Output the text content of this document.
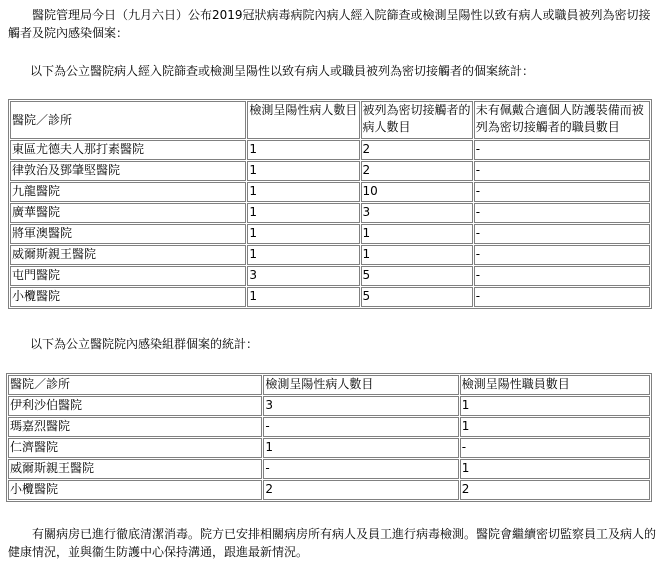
醫院管理局今日（九月六日）公布2019冠狀病毒病院內病人經入院篩查或檢測呈陽性以致有病人或職員被列為密切接觸者及院內感染個案：

以下為公立醫院病人經入院篩查或檢測呈陽性以致有病人或職員被列為密切接觸者的個案統計：

醫院／診所	檢測呈陽性病人數目	被列為密切接觸者的病人數目	未有佩戴合適個人防護裝備而被列為密切接觸者的職員數目
東區尤德夫人那打素醫院	1	2	-
律敦治及鄧肇堅醫院	1	2	-
九龍醫院	1	10	-
廣華醫院	1	3	-
將軍澳醫院	1	1	-
威爾斯親王醫院	1	1	-
屯門醫院	3	5	-
小欖醫院	1	5	-

以下為公立醫院院內感染組群個案的統計：

醫院／診所	檢測呈陽性病人數目	檢測呈陽性職員數目
伊利沙伯醫院	3	1
瑪嘉烈醫院	-	1
仁濟醫院	1	-
威爾斯親王醫院	-	1
小欖醫院	2	2

有關病房已進行徹底清潔消毒。院方已安排相關病房所有病人及員工進行病毒檢測。醫院會繼續密切監察員工及病人的健康情況，並與衞生防護中心保持溝通，跟進最新情況。
